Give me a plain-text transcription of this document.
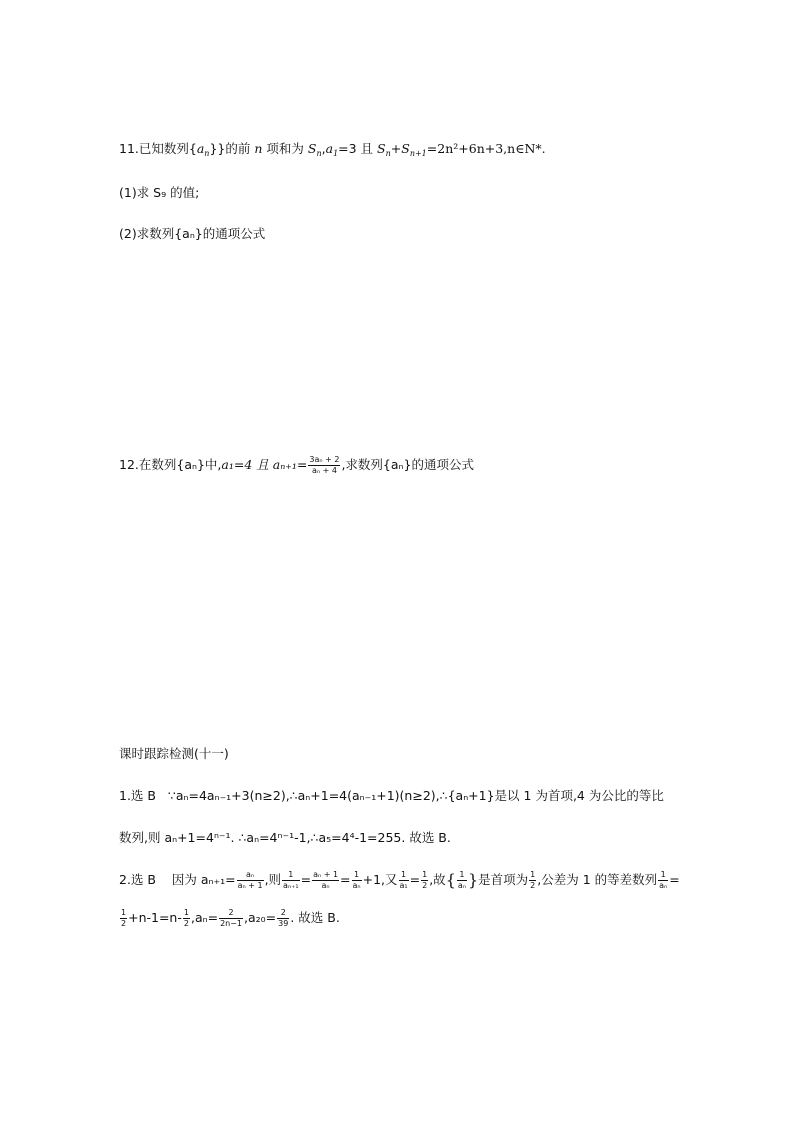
11.已知数列$\{a_n\}$}的前 n 项和为 $S_n,a_1=3$ 且 $S_n+S_{n+1}=2n^2+6n+3,n\in N*$.
(1)求 S₉ 的值;
(2)求数列{aₙ}的通项公式
12.在数列{aₙ}中,a₁=4 且 $a_{n+1}= \frac{\text{3aₙ + 2}}{\text{aₙ + 4}}$ ,求数列{aₙ}的通项公式
课时跟踪检测(十一)
1.选 B ∵aₙ=4aₙ₋₁+3(n≥2),∴aₙ+1=4(aₙ₋₁+1)(n≥2),∴{aₙ+1}是以 1 为首项,4 为公比的等比
数列,则 aₙ+1=4ⁿ⁻¹. ∴aₙ=4ⁿ⁻¹-1,∴a₅=4⁴-1=255. 故选 B.
2.选 B 因为 $a_{n+1}= \frac{\text{aₙ}}{\text{aₙ + 1}}$ ,则 $\frac{1}{\text{aₙ₊₁}} = \frac{\text{aₙ + 1}}{\text{aₙ}} = \frac{1}{\text{aₙ}} +1$,又 $\frac{1}{\text{a₁}} = \frac{1}{2}$ ,故{ $\frac{1}{\text{aₙ}}$ }是首项为 $\frac{1}{2}$ ,公差为 1 的等差数列 $\frac{1}{\text{aₙ}}$ =
$\frac{1}{2} +n-1=n- \frac{1}{2} ,a_n= \frac{2}{2n-1} ,a_{20}= \frac{2}{39}$ . 故选 B.
